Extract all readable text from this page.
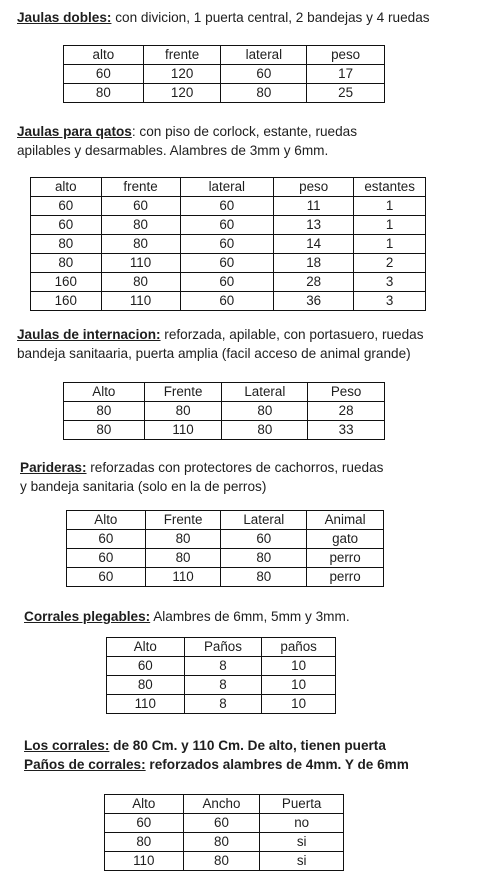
Jaulas dobles: con divicion, 1 puerta central, 2 bandejas y 4 ruedas
alto	frente	lateral	peso
60	120	60	17
80	120	80	25
Jaulas para qatos: con piso de corlock, estante, ruedas
apilables y desarmables. Alambres de 3mm y 6mm.
alto	frente	lateral	peso	estantes
60	60	60	11	1
60	80	60	13	1
80	80	60	14	1
80	110	60	18	2
160	80	60	28	3
160	110	60	36	3
Jaulas de internacion: reforzada, apilable, con portasuero, ruedas
bandeja sanitaaria, puerta amplia (facil acceso de animal grande)
Alto	Frente	Lateral	Peso
80	80	80	28
80	110	80	33
Parideras: reforzadas con protectores de cachorros, ruedas
y bandeja sanitaria (solo en la de perros)
Alto	Frente	Lateral	Animal
60	80	60	gato
60	80	80	perro
60	110	80	perro
Corrales plegables: Alambres de 6mm, 5mm y 3mm.
Alto	Paños	paños
60	8	10
80	8	10
110	8	10
Los corrales: de 80 Cm. y 110 Cm. De alto, tienen puerta
Paños de corrales: reforzados alambres de 4mm. Y de 6mm
Alto	Ancho	Puerta
60	60	no
80	80	si
110	80	si
